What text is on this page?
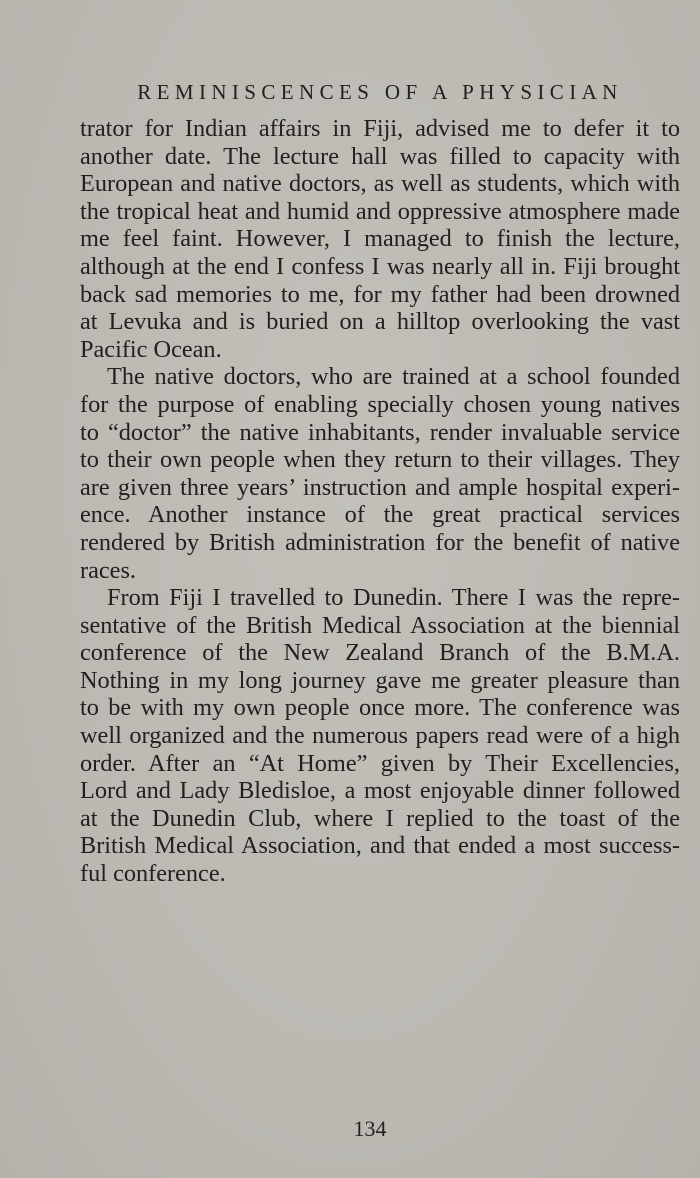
REMINISCENCES OF A PHYSICIAN

trator for Indian affairs in Fiji, advised me to defer it to
another date. The lecture hall was filled to capacity with
European and native doctors, as well as students, which with
the tropical heat and humid and oppressive atmosphere made
me feel faint. However, I managed to finish the lecture,
although at the end I confess I was nearly all in. Fiji brought
back sad memories to me, for my father had been drowned
at Levuka and is buried on a hilltop overlooking the vast
Pacific Ocean.

The native doctors, who are trained at a school founded
for the purpose of enabling specially chosen young natives
to “doctor” the native inhabitants, render invaluable service
to their own people when they return to their villages. They
are given three years’ instruction and ample hospital experi-
ence. Another instance of the great practical services
rendered by British administration for the benefit of native
races.

From Fiji I travelled to Dunedin. There I was the repre-
sentative of the British Medical Association at the biennial
conference of the New Zealand Branch of the B.M.A.
Nothing in my long journey gave me greater pleasure than
to be with my own people once more. The conference was
well organized and the numerous papers read were of a high
order. After an “At Home” given by Their Excellencies,
Lord and Lady Bledisloe, a most enjoyable dinner followed
at the Dunedin Club, where I replied to the toast of the
British Medical Association, and that ended a most success-
ful conference.

134
